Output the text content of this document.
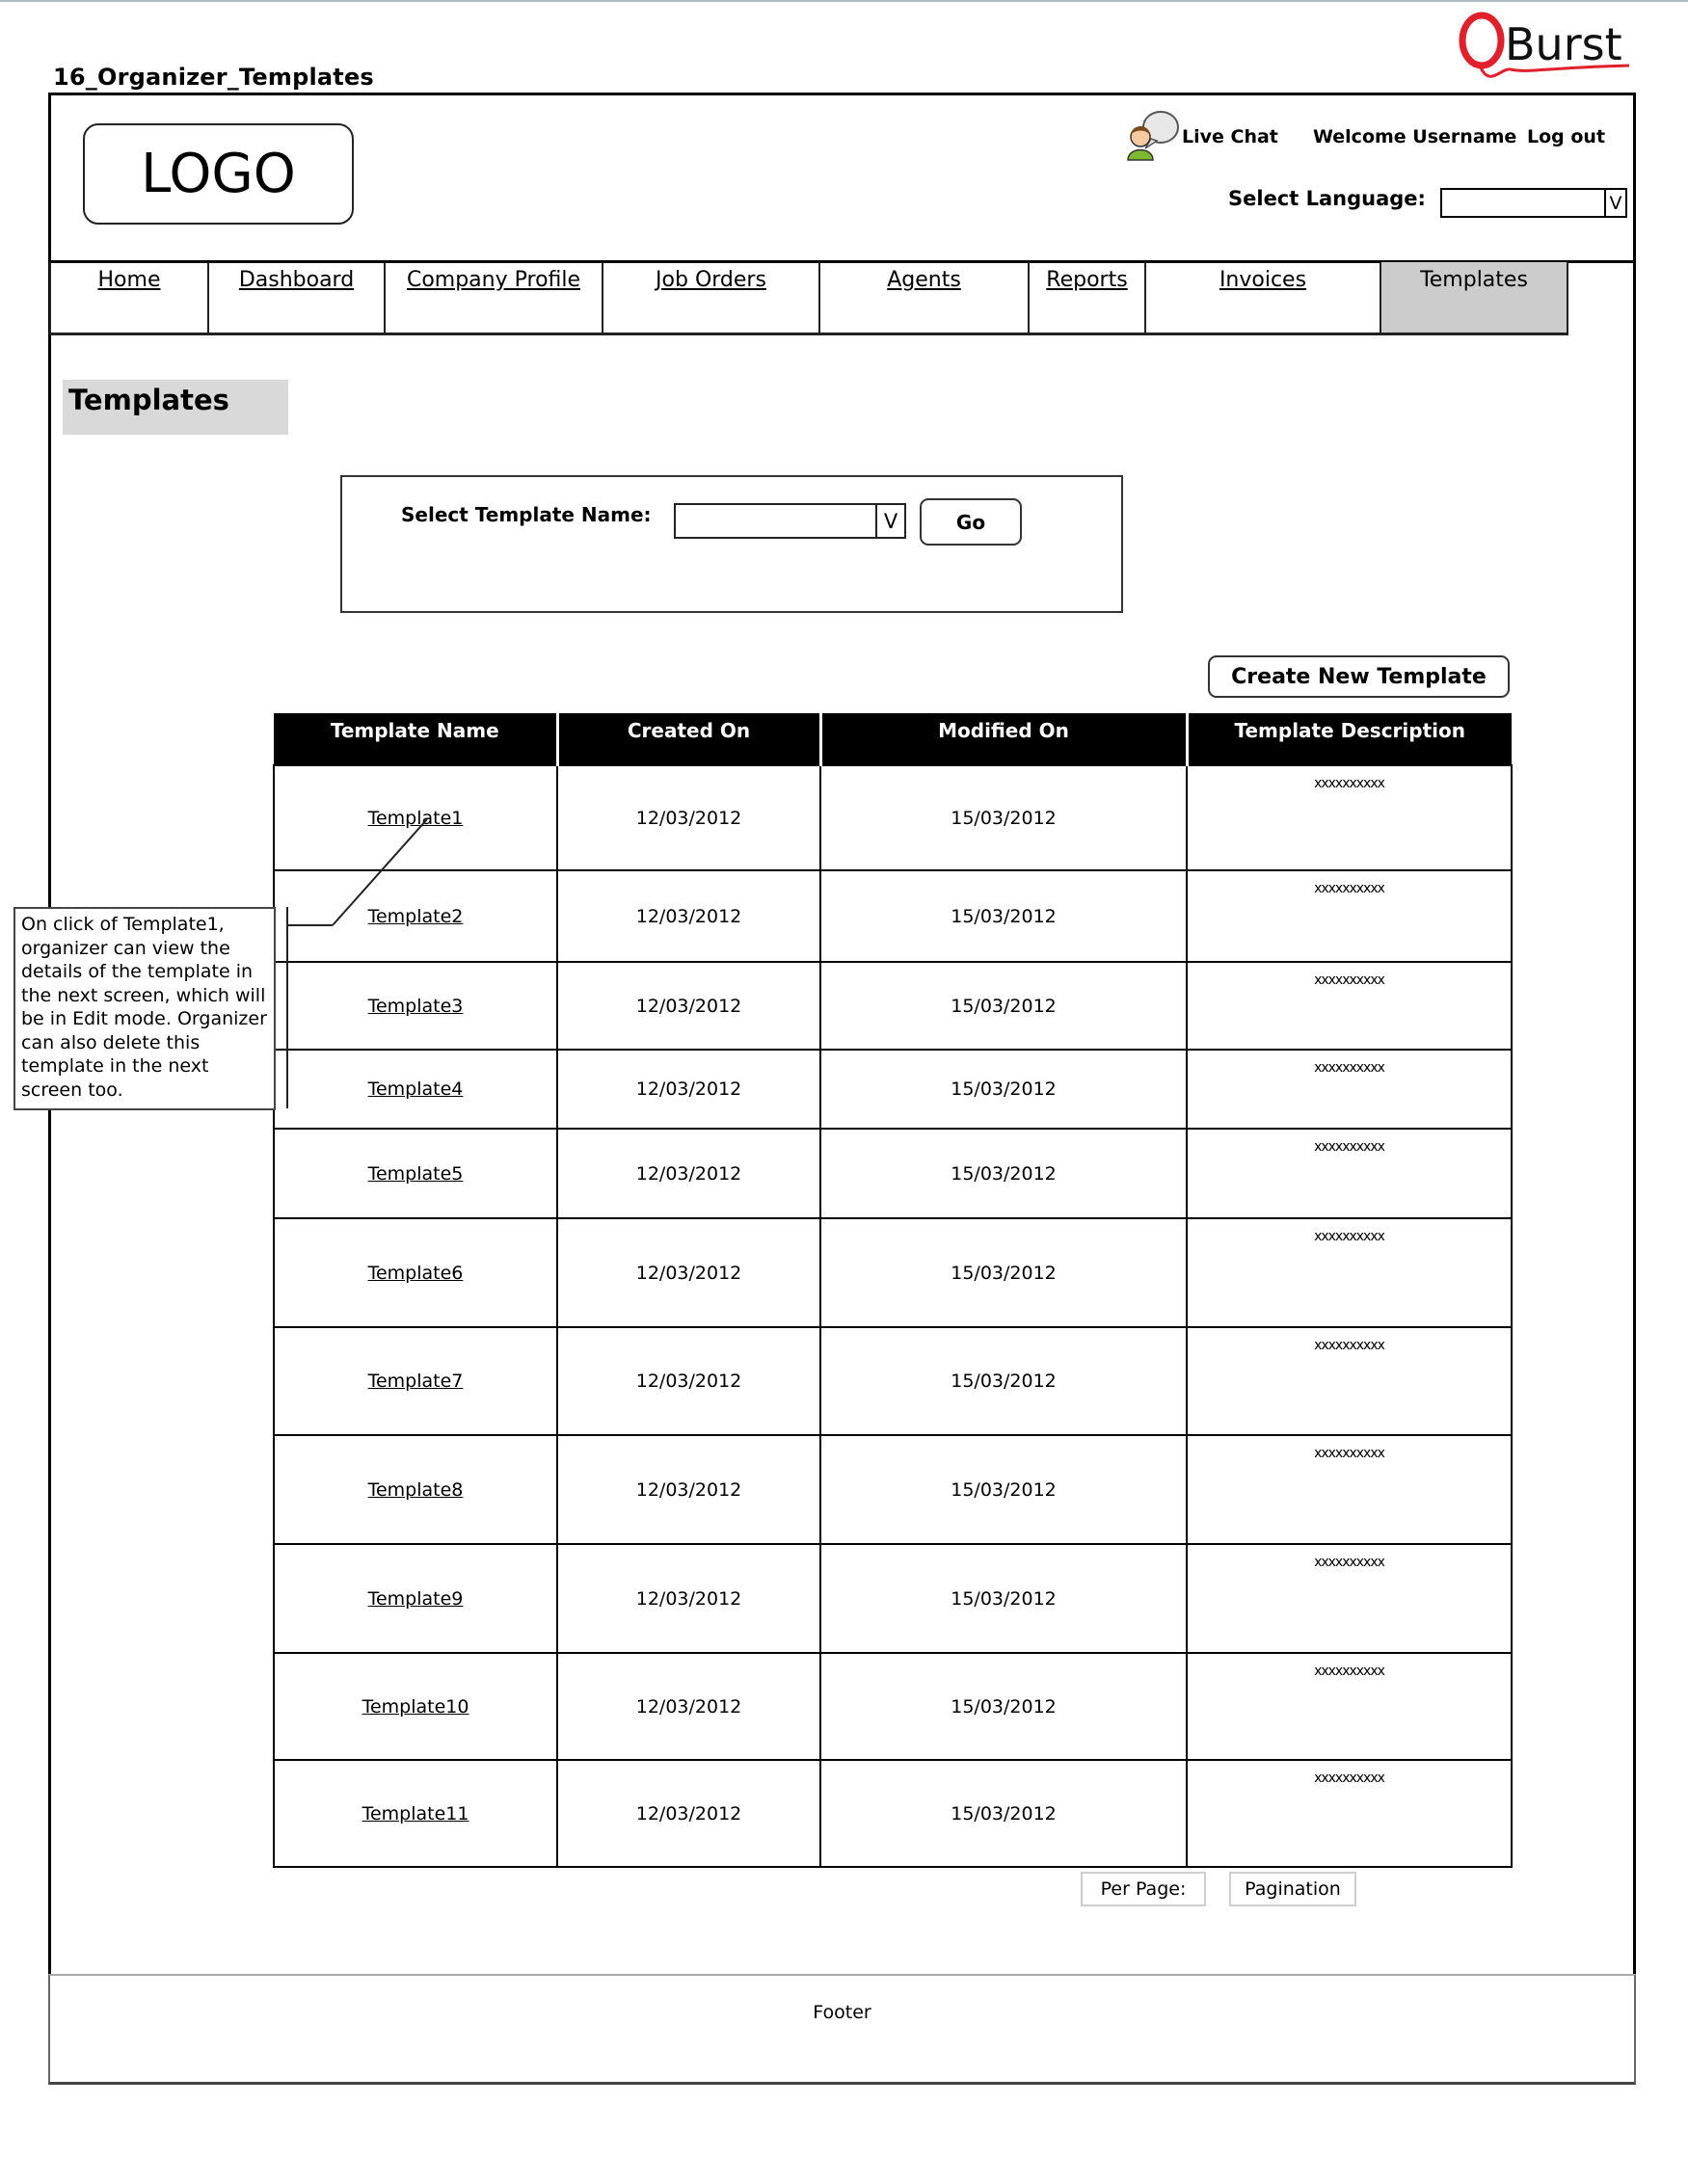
16_Organizer_Templates
Burst
LOGO
Live Chat Welcome Username Log out
Select Language:	V
Home	Dashboard	Company Profile	Job Orders	Agents	Reports	Invoices	Templates
Templates
Select Template Name:	V	Go
Create New Template
Template Name	Created On	Modified On	Template Description
Template1	12/03/2012	15/03/2012	xxxxxxxxxx
Template2	12/03/2012	15/03/2012	xxxxxxxxxx
Template3	12/03/2012	15/03/2012	xxxxxxxxxx
Template4	12/03/2012	15/03/2012	xxxxxxxxxx
Template5	12/03/2012	15/03/2012	xxxxxxxxxx
Template6	12/03/2012	15/03/2012	xxxxxxxxxx
Template7	12/03/2012	15/03/2012	xxxxxxxxxx
Template8	12/03/2012	15/03/2012	xxxxxxxxxx
Template9	12/03/2012	15/03/2012	xxxxxxxxxx
Template10	12/03/2012	15/03/2012	xxxxxxxxxx
Template11	12/03/2012	15/03/2012	xxxxxxxxxx
On click of Template1, organizer can view the details of the template in the next screen, which will be in Edit mode. Organizer can also delete this template in the next screen too.
Per Page:	Pagination
Footer
